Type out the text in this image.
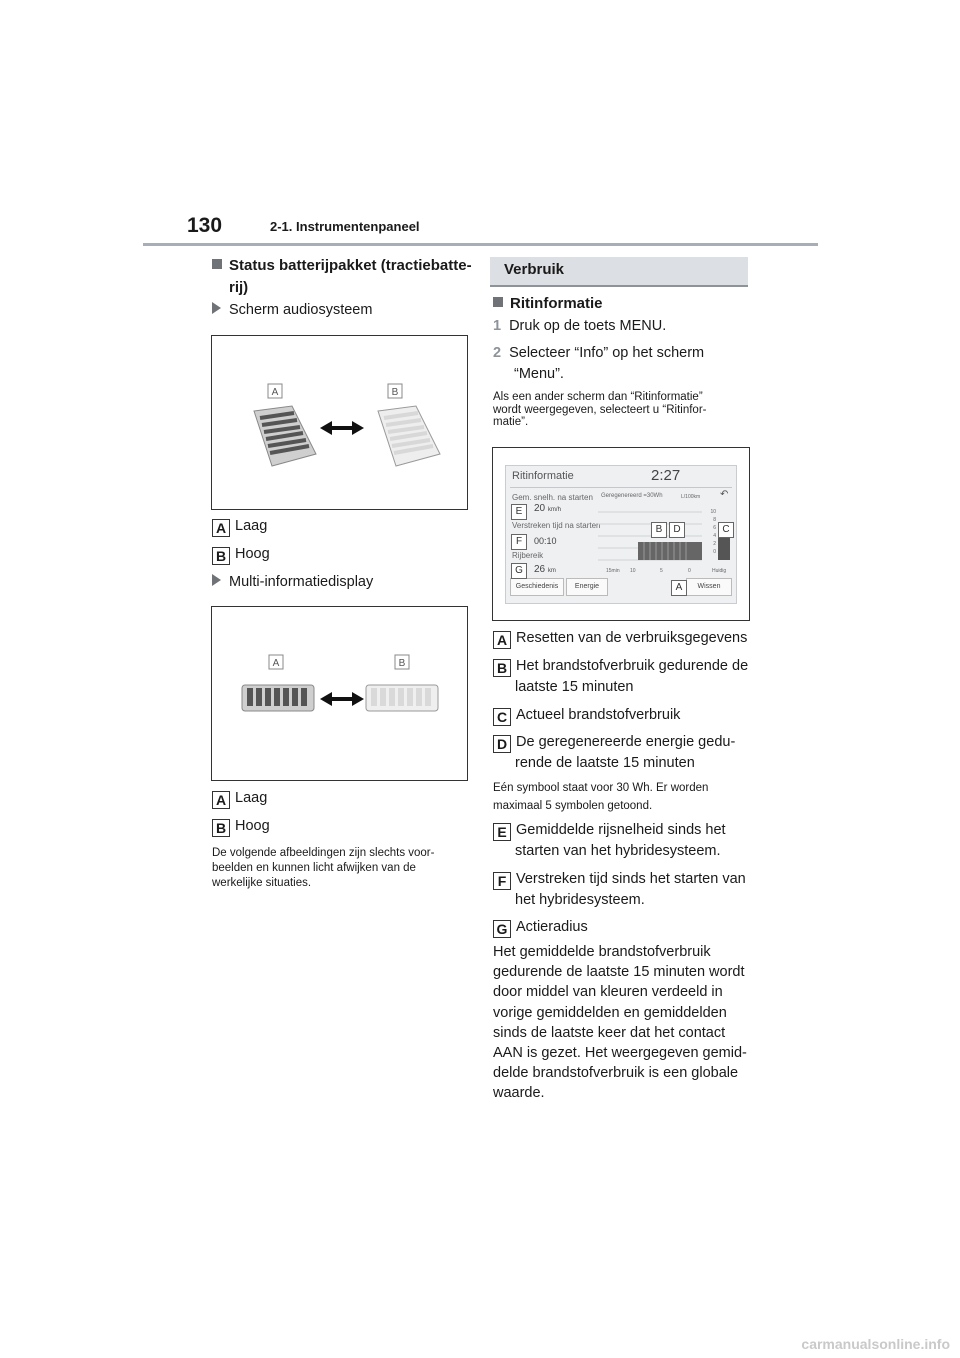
130	2-1. Instrumentenpaneel
Status batterijpakket (tractiebatte-
rij)
Scherm audiosysteem
A	B
A Laag
B Hoog
Multi-informatiedisplay
A	B
A Laag
B Hoog
De volgende afbeeldingen zijn slechts voor-
beelden en kunnen licht afwijken van de
werkelijke situaties.
Verbruik
Ritinformatie
1 Druk op de toets MENU.
2 Selecteer “Info” op het scherm
“Menu”.
Als een ander scherm dan “Ritinformatie”
wordt weergegeven, selecteert u “Ritinfor-
matie”.
Ritinformatie	2:27
Gem. snelh. na starten
20 km/h
Verstreken tijd na starten
00:10
Rijbereik
26 km
Geregenereerd =30Wh	L/100km ↶
10
8
6
4
2
0
15min 10	5	0	Huidig
Geschiedenis	Energie	Wissen
E
F
G
B	D	C
A
A Resetten van de verbruiksgegevens
B Het brandstofverbruik gedurende de
laatste 15 minuten
C Actueel brandstofverbruik
D De geregenereerde energie gedu-
rende de laatste 15 minuten
Eén symbool staat voor 30 Wh. Er worden
maximaal 5 symbolen getoond.
E Gemiddelde rijsnelheid sinds het
starten van het hybridesysteem.
F Verstreken tijd sinds het starten van
het hybridesysteem.
G Actieradius
Het gemiddelde brandstofverbruik
gedurende de laatste 15 minuten wordt
door middel van kleuren verdeeld in
vorige gemiddelden en gemiddelden
sinds de laatste keer dat het contact
AAN is gezet. Het weergegeven gemid-
delde brandstofverbruik is een globale
waarde.
carmanualsonline.info
